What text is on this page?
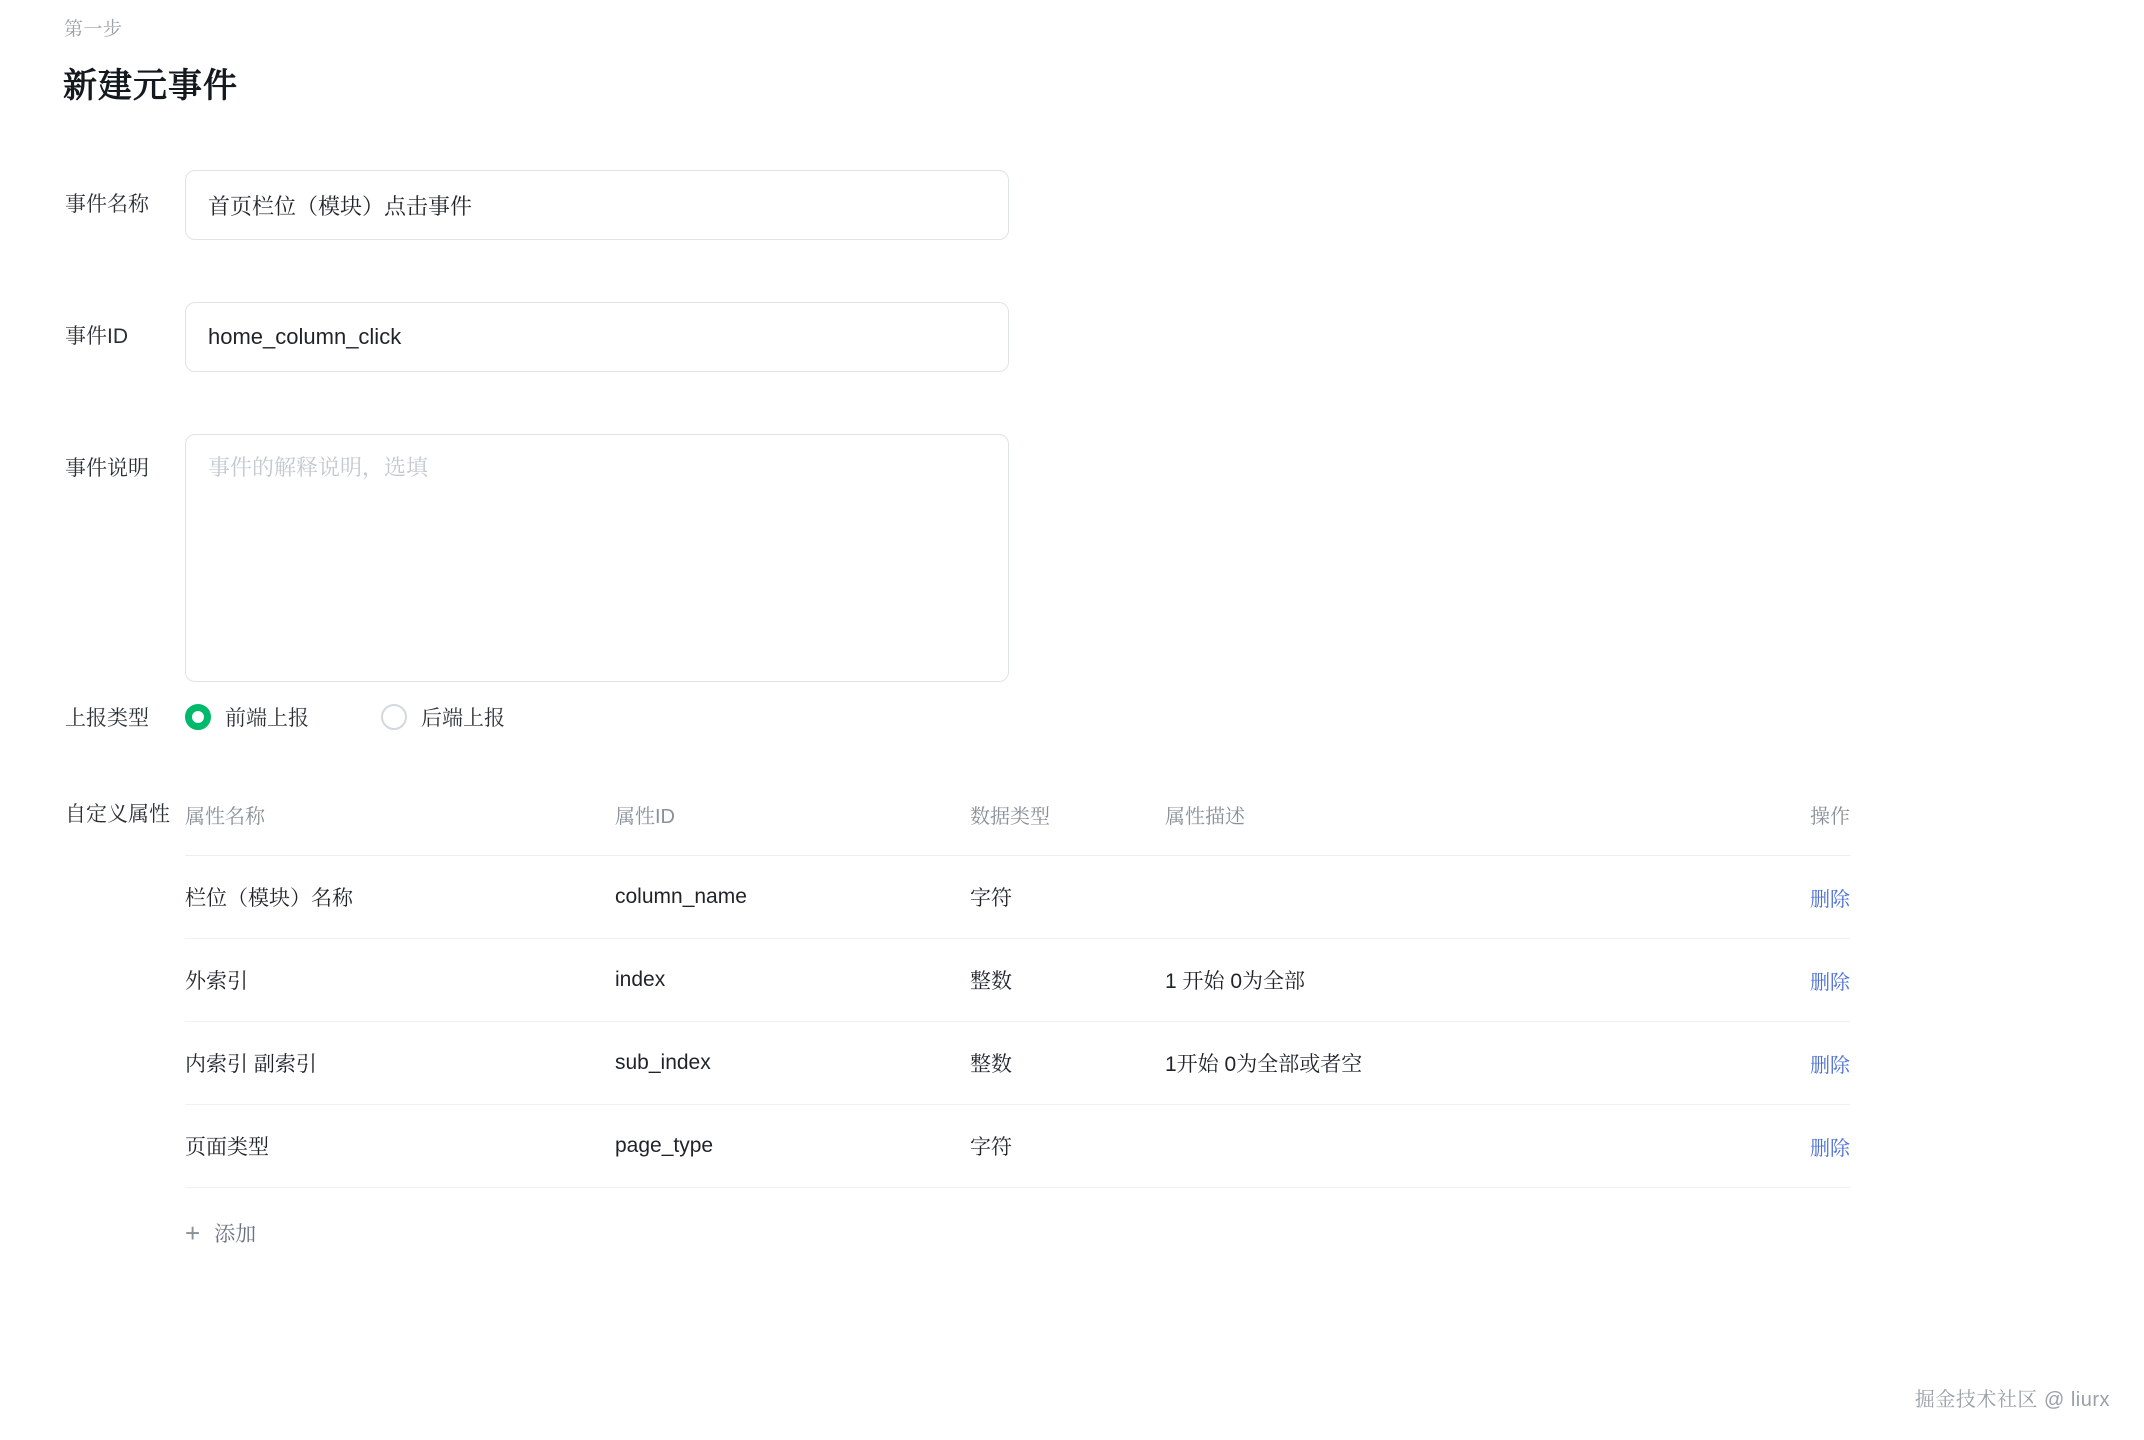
第一步
新建元事件
事件名称
首页栏位（模块）点击事件
事件ID
home_column_click
事件说明
事件的解释说明，选填
上报类型	前端上报	后端上报
自定义属性 属性名称	属性ID	数据类型	属性描述	操作
栏位（模块）名称	column_name	字符		删除
外索引	index	整数	1 开始 0为全部	删除
内索引 副索引	sub_index	整数	1开始 0为全部或者空	删除
页面类型	page_type	字符		删除
+ 添加
掘金技术社区 @ liurx
